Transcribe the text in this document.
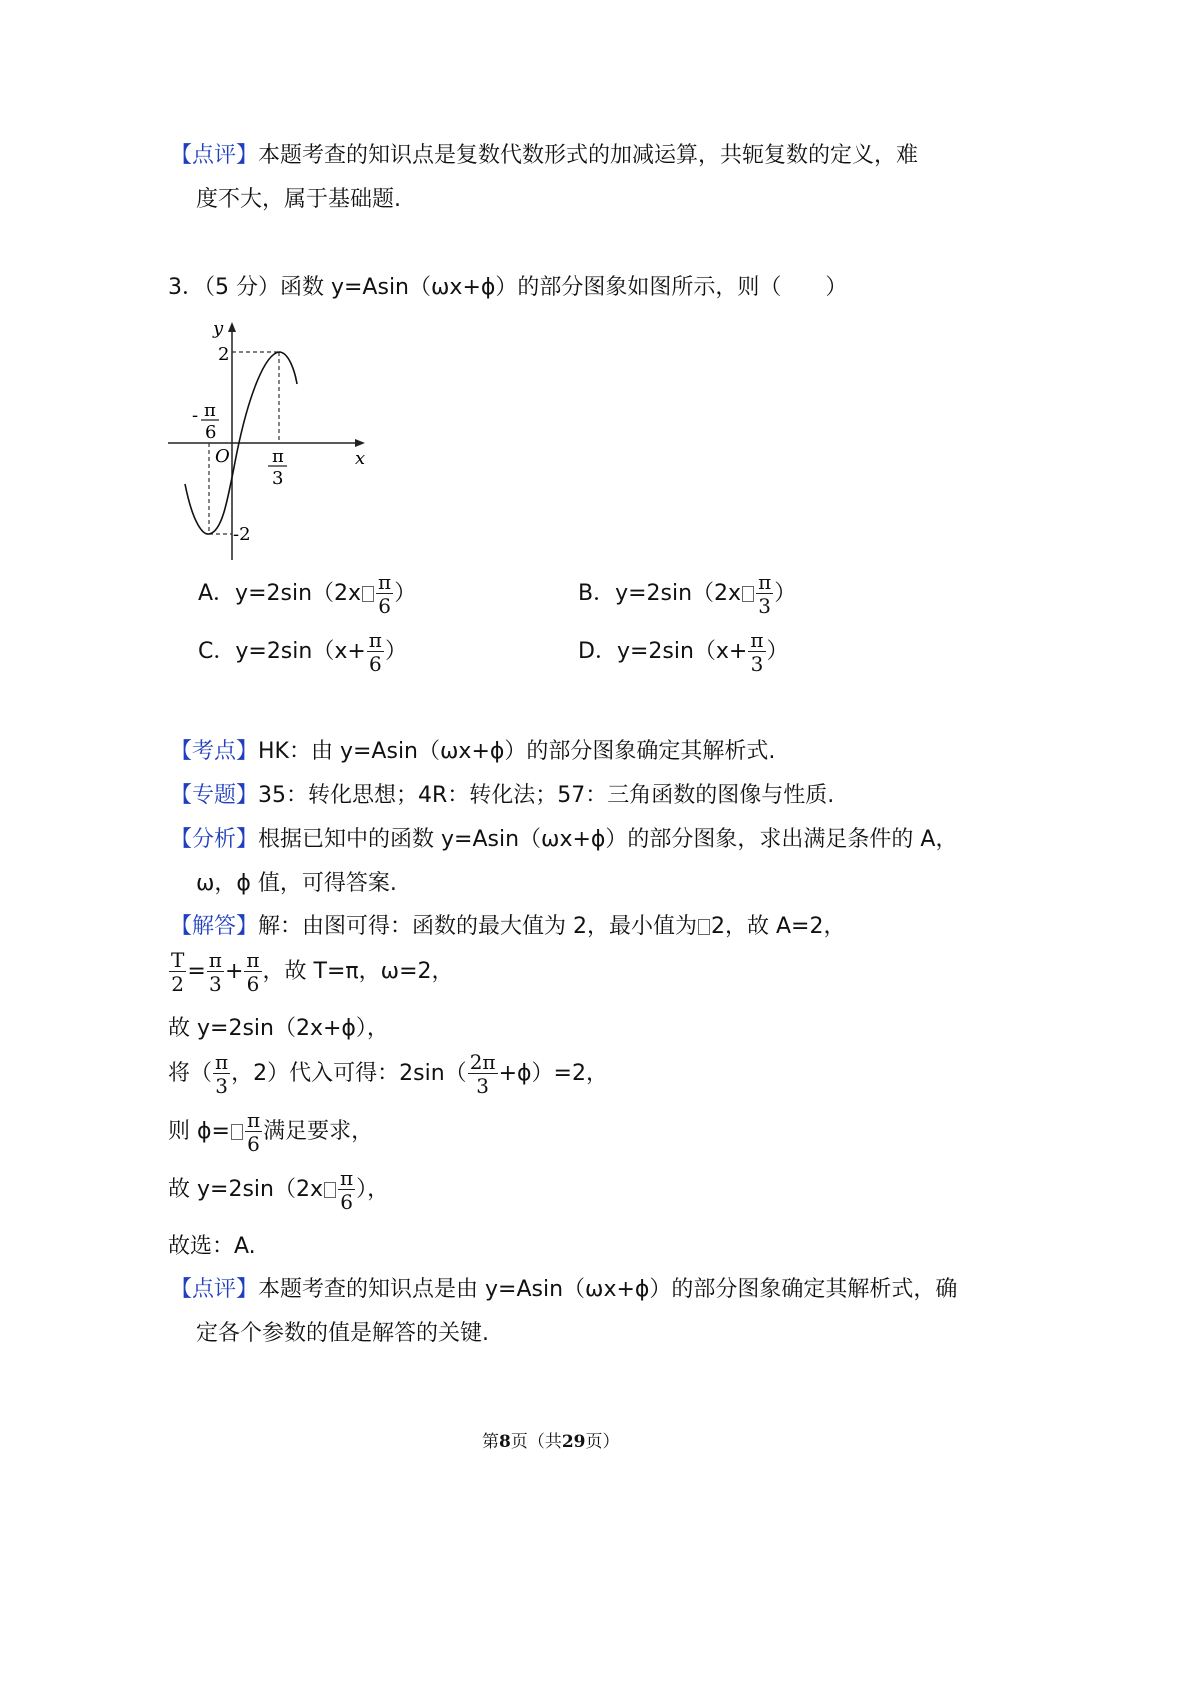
【点评】本题考查的知识点是复数代数形式的加减运算，共轭复数的定义，难
度不大，属于基础题.
3．（5 分）函数 y=Asin（ωx+ϕ）的部分图象如图所示，则（　　）
y
x
O
2
-2
- π
6
π
3
A．$y=2\sin(2x \frac{\pi}{6}$ ）	B．$y=2\sin(2x \frac{\pi}{3}$ ）
C．$y=2\sin(x+ \frac{\pi}{6}$ ）	D．$y=2\sin(x+ \frac{\pi}{3}$ ）
【考点】HK：由 y=Asin（ωx+ϕ）的部分图象确定其解析式.
【专题】35：转化思想；4R：转化法；57：三角函数的图像与性质.
【分析】根据已知中的函数 y=Asin（ωx+ϕ）的部分图象，求出满足条件的 A，
ω，ϕ 值，可得答案.
【解答】解：由图可得：函数的最大值为 2，最小值为 2，故 A=2，
$\frac{T}{2} = \frac{\pi}{3} + \frac{\pi}{6}$ ，故 T=π，ω=2，
故 y=2sin（2x+ϕ），
将（ $\frac{\pi}{3}$ ，2）代入可得：$2\sin( \frac{2\pi}{3} +\phi)=2$，
则 $\phi= \frac{\pi}{6}$ 满足要求，
故 $y=2\sin(2x \frac{\pi}{6}$ ），
故选：A.
【点评】本题考查的知识点是由 y=Asin（ωx+ϕ）的部分图象确定其解析式，确
定各个参数的值是解答的关键.
第8页（共29页）
